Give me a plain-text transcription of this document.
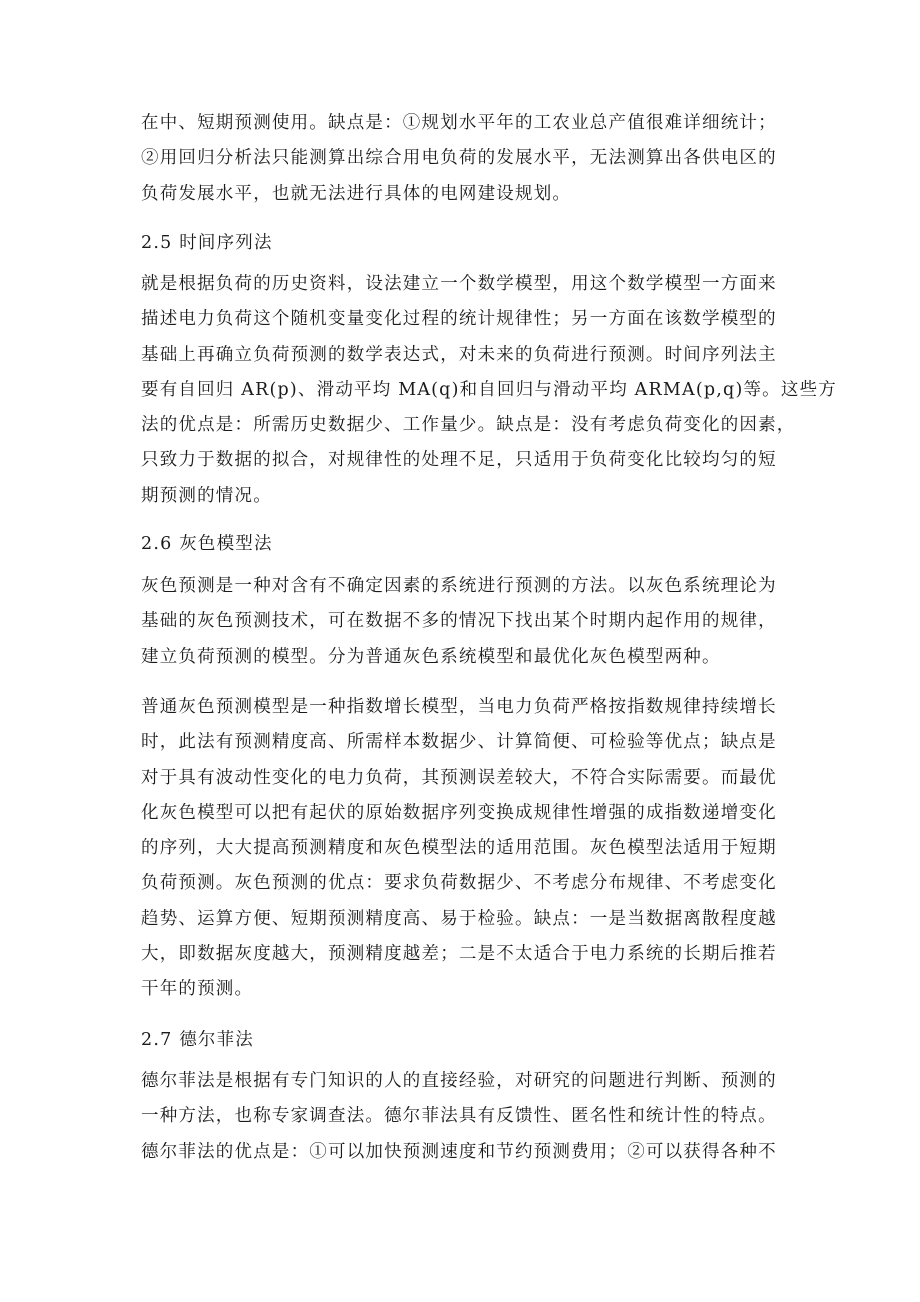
在中、短期预测使用。缺点是：①规划水平年的工农业总产值很难详细统计；
②用回归分析法只能测算出综合用电负荷的发展水平，无法测算出各供电区的
负荷发展水平，也就无法进行具体的电网建设规划。

2.5 时间序列法

就是根据负荷的历史资料，设法建立一个数学模型，用这个数学模型一方面来
描述电力负荷这个随机变量变化过程的统计规律性；另一方面在该数学模型的
基础上再确立负荷预测的数学表达式，对未来的负荷进行预测。时间序列法主
要有自回归 AR(p)、滑动平均 MA(q)和自回归与滑动平均 ARMA(p,q)等。这些方
法的优点是：所需历史数据少、工作量少。缺点是：没有考虑负荷变化的因素，
只致力于数据的拟合，对规律性的处理不足，只适用于负荷变化比较均匀的短
期预测的情况。

2.6 灰色模型法

灰色预测是一种对含有不确定因素的系统进行预测的方法。以灰色系统理论为
基础的灰色预测技术，可在数据不多的情况下找出某个时期内起作用的规律，
建立负荷预测的模型。分为普通灰色系统模型和最优化灰色模型两种。

普通灰色预测模型是一种指数增长模型，当电力负荷严格按指数规律持续增长
时，此法有预测精度高、所需样本数据少、计算简便、可检验等优点；缺点是
对于具有波动性变化的电力负荷，其预测误差较大，不符合实际需要。而最优
化灰色模型可以把有起伏的原始数据序列变换成规律性增强的成指数递增变化
的序列，大大提高预测精度和灰色模型法的适用范围。灰色模型法适用于短期
负荷预测。灰色预测的优点：要求负荷数据少、不考虑分布规律、不考虑变化
趋势、运算方便、短期预测精度高、易于检验。缺点：一是当数据离散程度越
大，即数据灰度越大，预测精度越差；二是不太适合于电力系统的长期后推若
干年的预测。

2.7 德尔菲法

德尔菲法是根据有专门知识的人的直接经验，对研究的问题进行判断、预测的
一种方法，也称专家调查法。德尔菲法具有反馈性、匿名性和统计性的特点。
德尔菲法的优点是：①可以加快预测速度和节约预测费用；②可以获得各种不
